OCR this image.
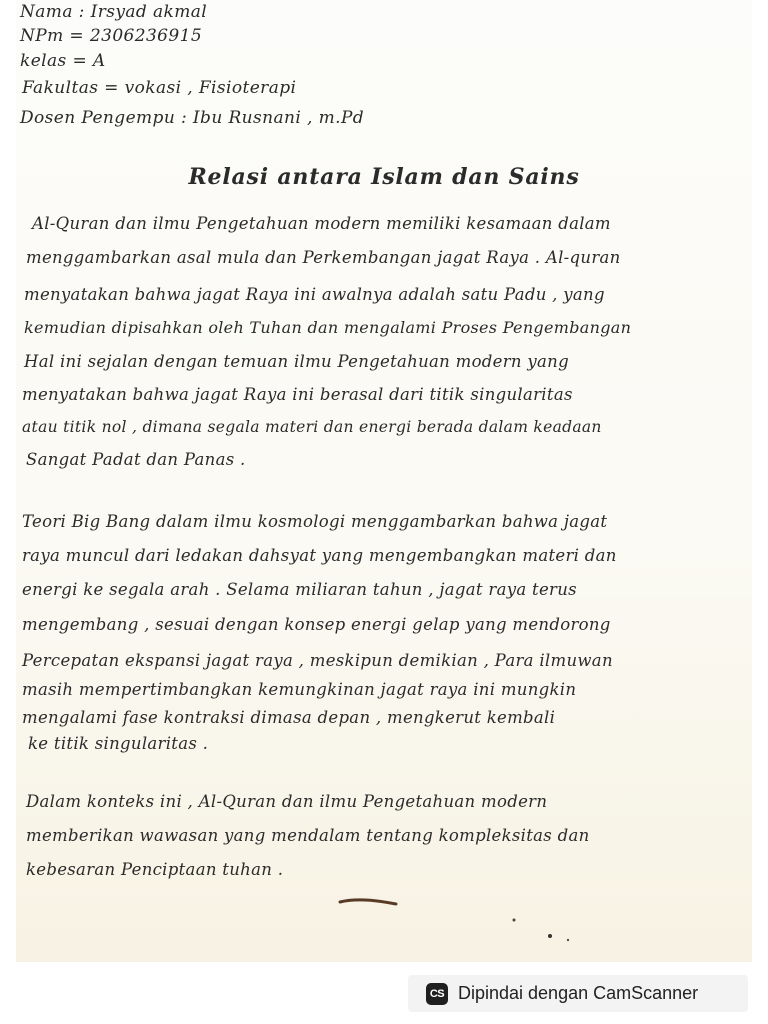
Nama : Irsyad akmal

NPm = 2306236915

kelas = A

Fakultas = vokasi , Fisioterapi

Dosen Pengempu : Ibu Rusnani , m.Pd

Relasi antara Islam dan Sains

Al-Quran dan ilmu Pengetahuan modern memiliki kesamaan dalam

menggambarkan asal mula dan Perkembangan jagat Raya . Al-quran

menyatakan bahwa jagat Raya ini awalnya adalah satu Padu , yang

kemudian dipisahkan oleh Tuhan dan mengalami Proses Pengembangan

Hal ini sejalan dengan temuan ilmu Pengetahuan modern yang

menyatakan bahwa jagat Raya ini berasal dari titik singularitas

atau titik nol , dimana segala materi dan energi berada dalam keadaan

Sangat Padat dan Panas .

Teori Big Bang dalam ilmu kosmologi menggambarkan bahwa jagat

raya muncul dari ledakan dahsyat yang mengembangkan materi dan

energi ke segala arah . Selama miliaran tahun , jagat raya terus

mengembang , sesuai dengan konsep energi gelap yang mendorong

Percepatan ekspansi jagat raya , meskipun demikian , Para ilmuwan

masih mempertimbangkan kemungkinan jagat raya ini mungkin

mengalami fase kontraksi dimasa depan , mengkerut kembali

ke titik singularitas .

Dalam konteks ini , Al-Quran dan ilmu Pengetahuan modern

memberikan wawasan yang mendalam tentang kompleksitas dan

kebesaran Penciptaan tuhan .

CS Dipindai dengan CamScanner
